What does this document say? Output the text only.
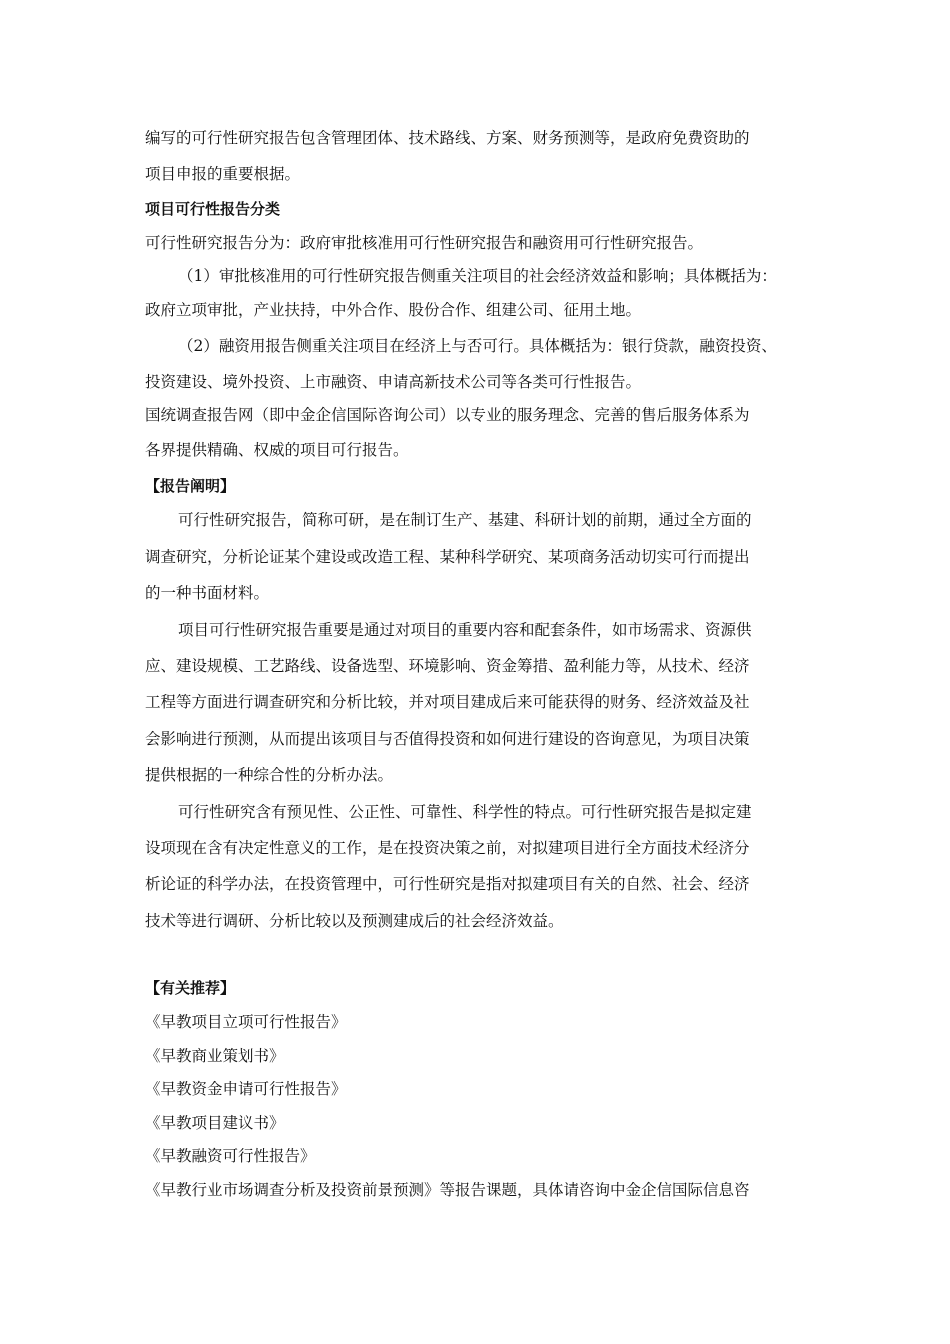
编写的可行性研究报告包含管理团体、技术路线、方案、财务预测等，是政府免费资助的
项目申报的重要根据。
项目可行性报告分类
可行性研究报告分为：政府审批核准用可行性研究报告和融资用可行性研究报告。
（1）审批核准用的可行性研究报告侧重关注项目的社会经济效益和影响；具体概括为：
政府立项审批，产业扶持，中外合作、股份合作、组建公司、征用土地。
（2）融资用报告侧重关注项目在经济上与否可行。具体概括为：银行贷款，融资投资、
投资建设、境外投资、上市融资、申请高新技术公司等各类可行性报告。
国统调查报告网（即中金企信国际咨询公司）以专业的服务理念、完善的售后服务体系为
各界提供精确、权威的项目可行报告。
【报告阐明】
可行性研究报告，简称可研，是在制订生产、基建、科研计划的前期，通过全方面的
调查研究，分析论证某个建设或改造工程、某种科学研究、某项商务活动切实可行而提出
的一种书面材料。
项目可行性研究报告重要是通过对项目的重要内容和配套条件，如市场需求、资源供
应、建设规模、工艺路线、设备选型、环境影响、资金筹措、盈利能力等，从技术、经济
工程等方面进行调查研究和分析比较，并对项目建成后来可能获得的财务、经济效益及社
会影响进行预测，从而提出该项目与否值得投资和如何进行建设的咨询意见，为项目决策
提供根据的一种综合性的分析办法。
可行性研究含有预见性、公正性、可靠性、科学性的特点。可行性研究报告是拟定建
设项现在含有决定性意义的工作，是在投资决策之前，对拟建项目进行全方面技术经济分
析论证的科学办法，在投资管理中，可行性研究是指对拟建项目有关的自然、社会、经济
技术等进行调研、分析比较以及预测建成后的社会经济效益。
【有关推荐】
《早教项目立项可行性报告》
《早教商业策划书》
《早教资金申请可行性报告》
《早教项目建议书》
《早教融资可行性报告》
《早教行业市场调查分析及投资前景预测》等报告课题，具体请咨询中金企信国际信息咨
